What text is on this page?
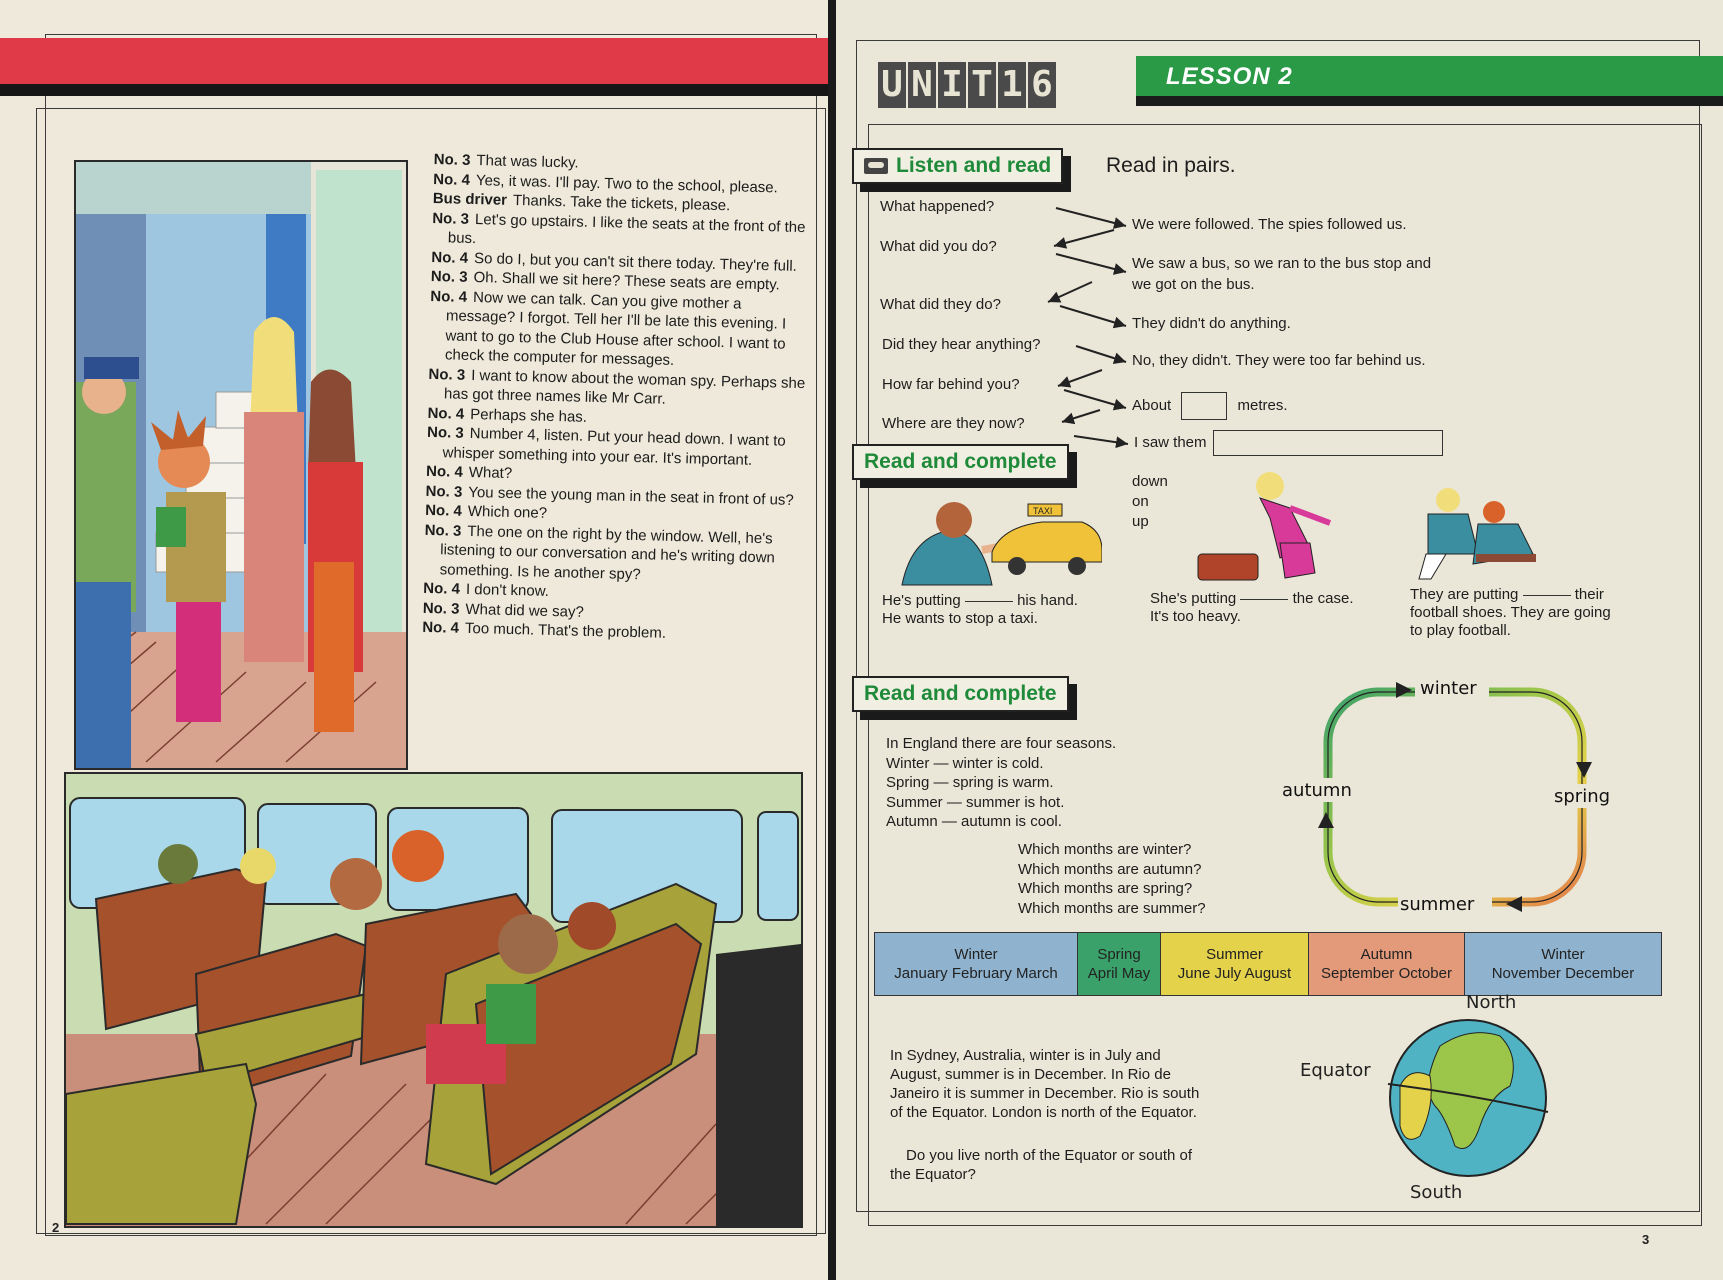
No. 3 That was lucky.

No. 4 Yes, it was. I'll pay. Two to the school, please.

Bus driver Thanks. Take the tickets, please.

No. 3 Let's go upstairs. I like the seats at the front of the bus.

No. 4 So do I, but you can't sit there today. They're full.

No. 3 Oh. Shall we sit here? These seats are empty.

No. 4 Now we can talk. Can you give mother a message? I forgot. Tell her I'll be late this evening. I want to go to the Club House after school. I want to check the computer for messages.

No. 3 I want to know about the woman spy. Perhaps she has got three names like Mr Carr.

No. 4 Perhaps she has.

No. 3 Number 4, listen. Put your head down. I want to whisper something into your ear. It's important.

No. 4 What?

No. 3 You see the young man in the seat in front of us?

No. 4 Which one?

No. 3 The one on the right by the window. Well, he's listening to our conversation and he's writing down something. Is he another spy?

No. 4 I don't know.

No. 3 What did we say?

No. 4 Too much. That's the problem.

2
U N I T 1 6	LESSON 2
Listen and read	Read in pairs.
What happened?
What did you do?
What did they do?
Did they hear anything?
How far behind you?
Where are they now?
We were followed. The spies followed us.
We saw a bus, so we ran to the bus stop and
we got on the bus.
They didn't do anything.
No, they didn't. They were too far behind us.
About	metres.
I saw them
Read and complete
down
on
up
TAXI
He's putting	his hand.
He wants to stop a taxi.
She's putting	the case.
It's too heavy.
They are putting	their
football shoes. They are going
to play football.
Read and complete
In England there are four seasons.
Winter — winter is cold.
Spring — spring is warm.
Summer — summer is hot.
Autumn — autumn is cool.
Which months are winter?
Which months are autumn?
Which months are spring?
Which months are summer?
winter
spring
summer
autumn
Winter
January February March
Spring
April May
Summer
June July August
Autumn
September October
Winter
November December
In Sydney, Australia, winter is in July and
August, summer is in December. In Rio de
Janeiro it is summer in December. Rio is south
of the Equator. London is north of the Equator.
Do you live north of the Equator or south of
the Equator?
North
South
Equator
3
